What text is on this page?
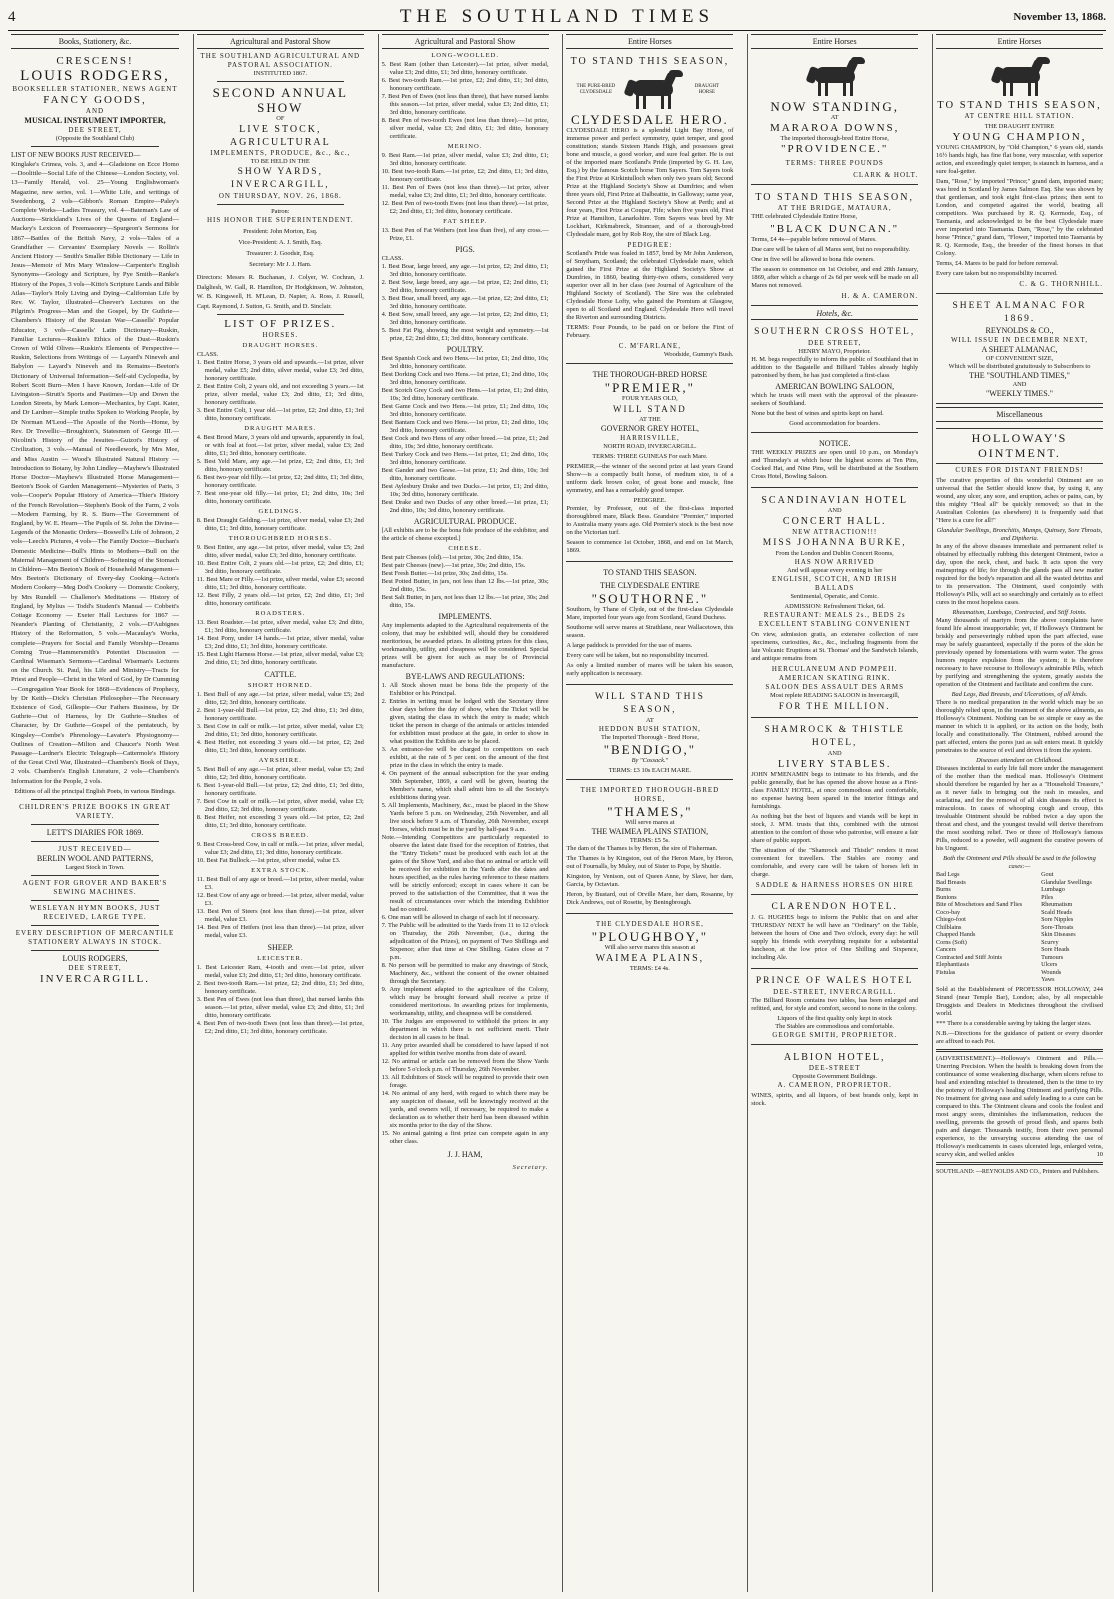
4	THE SOUTHLAND TIMES	November 13, 1868.
Books, Stationery, &c.
CRESCENS!
LOUIS RODGERS,
BOOKSELLER STATIONER, NEWS AGENT
FANCY GOODS,
AND
MUSICAL INSTRUMENT IMPORTER,
DEE STREET,
(Opposite the Southland Club)
LIST OF NEW BOOKS JUST RECEIVED—

Kinglake's Crimea, vols. 3, and 4—Gladstone on Ecce Homo—Doolittle—Social Life of the Chinese—London Society, vol. 13—Family Herald, vol. 25—Young Englishwoman's Magazine, new series, vol. 1—White Life, and writings of Swedenborg, 2 vols—Gibbon's Roman Empire—Paley's Complete Works—Ladies Treasury, vol. 4—Bateman's Law of Auctions—Strickland's Lives of the Queens of England—Mackey's Lexicon of Freemasonry—Spurgeon's Sermons for 1867—Battles of the British Navy, 2 vols—Tales of a Grandfather — Cervantes' Exemplary Novels — Rollin's Ancient History — Smith's Smaller Bible Dictionary — Life in Jesus—Memoir of Mrs Mary Winslow—Carpenter's English Synonyms—Geology and Scripture, by Pye Smith—Ranke's History of the Popes, 3 vols—Kitto's Scripture Lands and Bible Atlas—Taylor's Holy Living and Dying—Californian Life by Rev. W. Taylor, illustrated—Cheever's Lectures on the Pilgrim's Progress—Man and the Gospel, by Dr Guthrie—Chambers's History of the Russian War—Cassells' Popular Educator, 3 vols—Cassells' Latin Dictionary—Ruskin, Familiar Lectures—Ruskin's Ethics of the Dust—Ruskin's Crown of Wild Olives—Ruskin's Elements of Perspective—Ruskin, Selections from Writings of — Layard's Nineveh and Babylon — Layard's Nineveh and its Remains—Beeton's Dictionary of Universal Information—Self-aid Cyclopedia, by Robert Scott Burn—Men I have Known, Jordan—Life of Dr Livingston—Strutt's Sports and Pastimes—Up and Down the London Streets, by Mark Lemon—Mechanics, by Capt. Kater, and Dr Lardner—Simple truths Spoken to Working People, by Dr Norman M'Leod—The Apostle of the North—Home, by Rev. Dr Trevellic—Broughton's, Statesmen of George III.—Nicolini's History of the Jesuites—Guizot's History of Civilization, 3 vols.—Manual of Needlework, by Mrs Mee, and Miss Austin — Wood's Illustrated Natural History — Introduction to Botany, by John Lindley—Mayhew's Illustrated Horse Doctor—Mayhew's Illustrated Horse Management—Beeton's Book of Garden Management—Mysteries of Paris, 3 vols—Cooper's Popular History of America—Thier's History of the French Revolution—Stephen's Book of the Farm, 2 vols—Modern Farming, by R. S. Burn—The Government of England, by W. E. Hearn—The Pupils of St. John the Divine—Legends of the Monastic Orders—Boswell's Life of Johnson, 2 vols—Leech's Pictures, 4 vols—The Family Doctor—Buchan's Domestic Medicine—Bull's Hints to Mothers—Bull on the Maternal Management of Children—Softening of the Stomach in Children—Mrs Beeton's Book of Household Management—Mrs Beeton's Dictionary of Every-day Cooking—Acton's Modern Cookery—Meg Dod's Cookery — Domestic Cookery, by Mrs Rundell — Challenor's Meditations — History of England, by Mylius — Todd's Student's Manual — Cobbett's Cottage Economy — Exeter Hall Lectures for 1867 — Neander's Planting of Christianity, 2 vols.—D'Aubignes History of the Reformation, 5 vols.—Macaulay's Works, complete—Prayers for Social and Family Worship—Dreams Coming True—Hammersmith's Potentiet Discussion — Cardinal Wiseman's Sermons—Cardinal Wiseman's Lectures on the Church. St. Paul, his Life and Ministry—Tracts for Priest and People—Christ in the Word of God, by Dr Cumming—Congregation Year Book for 1868—Evidences of Prophecy, by Dr Keith—Dick's Christian Philosopher—The Necessary Existence of God, Gillespie—Our Fathers Business, by Dr Guthrie—Out of Harness, by Dr Guthrie—Studies of Character, by Dr Guthrie—Gospel of the pentateuch, by Kingsley—Combe's Phrenology—Lavater's Physiognomy—Outlines of Creation—Milton and Chaucer's North West Passage—Lardner's Electric Telegraph—Cattermole's History of the Great Civil War, Illustrated—Chambers's Book of Days, 2 vols. Chambers's English Literature, 2 vols—Chambers's Information for the People, 2 vols.

Editions of all the principal English Poets, in various Bindings.
CHILDREN'S PRIZE BOOKS IN GREAT VARIETY.
LETT'S DIARIES FOR 1869.
JUST RECEIVED—
BERLIN WOOL AND PATTERNS,
Largest Stock in Town.
AGENT FOR GROVER AND BAKER'S SEWING MACHINES.
WESLEYAN HYMN BOOKS, JUST RECEIVED, LARGE TYPE.
EVERY DESCRIPTION OF MERCANTILE STATIONERY ALWAYS IN STOCK.
LOUIS RODGERS,
DEE STREET,
INVERCARGILL.
Agricultural and Pastoral Show
THE SOUTHLAND AGRICULTURAL AND PASTORAL ASSOCIATION.
INSTITUTED 1867.
SECOND ANNUAL SHOW
OF
LIVE STOCK, AGRICULTURAL
IMPLEMENTS, PRODUCE, &c., &c.,
TO BE HELD IN THE
SHOW YARDS, INVERCARGILL,
ON THURSDAY, NOV. 26, 1868.
Patron:
HIS HONOR THE SUPERINTENDENT.
President: John Morton, Esq.
Vice-President: A. J. Smith, Esq.
Treasurer: J. Goodsir, Esq.
Secretary: Mr J. J. Ham.

Directors: Messrs R. Buchanan, J. Colyer, W. Cochran, J. Dalgliesh, W. Gall, R. Hamilton, Dr Hodgkinson, W. Johnston, W. B. Kingswell, H. M'Lean, D. Napier, A. Ross, J. Russell, Capt. Raymond, J. Sutton, G. Smith, and D. Sinclair.

LIST OF PRIZES.
HORSES.
DRAUGHT HORSES.
CLASS.
1. Best Entire Horse, 3 years old and upwards.—1st prize, silver medal, value £5; 2nd ditto, silver medal, value £3; 3rd ditto, honorary certificate.
2. Best Entire Colt, 2 years old, and not exceeding 3 years.—1st prize, silver medal, value £3; 2nd ditto, £1; 3rd ditto, honorary certificate.
3. Best Entire Colt, 1 year old.—1st prize, £2; 2nd ditto, £1; 3rd ditto, honorary certificate.
DRAUGHT MARES.
4. Best Brood Mare, 3 years old and upwards, apparently in foal, or with foal at foot.—1st prize, silver medal, value £3; 2nd ditto, £1; 3rd ditto, honorary certificate.
5. Best Yeld Mare, any age.—1st prize, £2; 2nd ditto, £1; 3rd ditto, honorary certificate.
6. Best two-year old filly.—1st prize, £2; 2nd ditto, £1; 3rd ditto, honorary certificate.
7. Best one-year old filly.—1st prize, £1; 2nd ditto, 10s; 3rd ditto, honorary certificate.
GELDINGS.
8. Best Draught Gelding.—1st prize, silver medal, value £3; 2nd ditto, £1; 3rd ditto, honorary certificate.
THOROUGHBRED HORSES.
9. Best Entire, any age.—1st prize, silver medal, value £5; 2nd ditto, silver medal, value £3; 3rd ditto, honorary certificate.
10. Best Entire Colt, 2 years old.—1st prize, £2; 2nd ditto, £1; 3rd ditto, honorary certificate.
11. Best Mare or Filly.—1st prize, silver medal, value £3; second ditto, £1; 3rd ditto, honorary certificate.
12. Best Filly, 2 years old.—1st prize, £2; 2nd ditto, £1; 3rd ditto, honorary certificate.
ROADSTERS.
13. Best Roadster.—1st prize, silver medal, value £3; 2nd ditto, £1; 3rd ditto, honorary certificate.
14. Best Pony, under 14 hands.—1st prize, silver medal, value £3; 2nd ditto, £1; 3rd ditto, honorary certificate.
15. Best Light Harness Horse.—1st prize, silver medal, value £3; 2nd ditto, £1; 3rd ditto, honorary certificate.
CATTLE.
SHORT HORNED.
1. Best Bull of any age.—1st prize, silver medal, value £5; 2nd ditto, £2; 3rd ditto, honorary certificate.
2. Best 1-year-old Bull.—1st prize, £2; 2nd ditto, £1; 3rd ditto, honorary certificate.
3. Best Cow in calf or milk.—1st prize, silver medal, value £3; 2nd ditto, £1; 3rd ditto, honorary certificate.
4. Best Heifer, not exceeding 3 years old.—1st prize, £2; 2nd ditto, £1; 3rd ditto, honorary certificate.
AYRSHIRE.
5. Best Bull of any age.—1st prize, silver medal, value £5; 2nd ditto, £2; 3rd ditto, honorary certificate.
6. Best 1-year-old Bull.—1st prize, £2; 2nd ditto, £1; 3rd ditto, honorary certificate.
7. Best Cow in calf or milk.—1st prize, silver medal, value £3; 2nd ditto, £2; 3rd ditto, honorary certificate.
8. Best Heifer, not exceeding 3 years old.—1st prize, £2; 2nd ditto, £1; 3rd ditto, honorary certificate.
CROSS BREED.
9. Best Cross-bred Cow, in calf or milk.—1st prize, silver medal, value £3; 2nd ditto, £1; 3rd ditto, honorary certificate.
10. Best Fat Bullock.—1st prize, silver medal, value £3.
EXTRA STOCK.
11. Best Bull of any age or breed.—1st prize, silver medal, value £3.
12. Best Cow of any age or breed.—1st prize, silver medal, value £3.
13. Best Pen of Steers (not less than three).—1st prize, silver medal, value £3.
14. Best Pen of Heifers (not less than three).—1st prize, silver medal, value £3.
SHEEP.
LEICESTER.
1. Best Leicester Ram, 4-tooth and over.—1st prize, silver medal, value £3; 2nd ditto, £1; 3rd ditto, honorary certificate.
2. Best two-tooth Ram.—1st prize, £2; 2nd ditto, £1; 3rd ditto, honorary certificate.
3. Best Pen of Ewes (not less than three), that nursed lambs this season.—1st prize, silver medal, value £3; 2nd ditto, £1; 3rd ditto, honorary certificate.
4. Best Pen of two-tooth Ewes (not less than three).—1st prize, £2; 2nd ditto, £1; 3rd ditto, honorary certificate.
Agricultural and Pastoral Show
LONG-WOOLLED.
5. Best Ram (other than Leicester).—1st prize, silver medal, value £3; 2nd ditto, £1; 3rd ditto, honorary certificate.
6. Best two-tooth Ram.—1st prize, £2; 2nd ditto, £1; 3rd ditto, honorary certificate.
7. Best Pen of Ewes (not less than three), that have nursed lambs this season.—1st prize, silver medal, value £3; 2nd ditto, £1; 3rd ditto, honorary certificate.
8. Best Pen of two-tooth Ewes (not less than three).—1st prize, silver medal, value £3; 2nd ditto, £1; 3rd ditto, honorary certificate.
MERINO.
9. Best Ram.—1st prize, silver medal, value £3; 2nd ditto, £1; 3rd ditto, honorary certificate.
10. Best two-tooth Ram.—1st prize, £2; 2nd ditto, £1; 3rd ditto, honorary certificate.
11. Best Pen of Ewes (not less than three).—1st prize, silver medal, value £3; 2nd ditto, £1; 3rd ditto, honorary certificate.
12. Best Pen of two-tooth Ewes (not less than three).—1st prize, £2; 2nd ditto, £1; 3rd ditto, honorary certificate.
FAT SHEEP.
13. Best Pen of Fat Wethers (not less than five), of any cross.—Prize, £1.
PIGS.
CLASS.
1. Best Boar, large breed, any age.—1st prize, £2; 2nd ditto, £1; 3rd ditto, honorary certificate.
2. Best Sow, large breed, any age.—1st prize, £2; 2nd ditto, £1; 3rd ditto, honorary certificate.
3. Best Boar, small breed, any age.—1st prize, £2; 2nd ditto, £1; 3rd ditto, honorary certificate.
4. Best Sow, small breed, any age.—1st prize, £2; 2nd ditto, £1; 3rd ditto, honorary certificate.
5. Best Fat Pig, showing the most weight and symmetry.—1st prize, £2; 2nd ditto, £1; 3rd ditto, honorary certificate.
POULTRY.
Best Spanish Cock and two Hens.—1st prize, £1; 2nd ditto, 10s; 3rd ditto, honorary certificate.
Best Dorking Cock and two Hens.—1st prize, £1; 2nd ditto, 10s; 3rd ditto, honorary certificate.
Best Scotch Grey Cock and two Hens.—1st prize, £1; 2nd ditto, 10s; 3rd ditto, honorary certificate.
Best Game Cock and two Hens.—1st prize, £1; 2nd ditto, 10s; 3rd ditto, honorary certificate.
Best Bantam Cock and two Hens.—1st prize, £1; 2nd ditto, 10s; 3rd ditto, honorary certificate.
Best Cock and two Hens of any other breed.—1st prize, £1; 2nd ditto, 10s; 3rd ditto, honorary certificate.
Best Turkey Cock and two Hens.—1st prize, £1; 2nd ditto, 10s; 3rd ditto, honorary certificate.
Best Gander and two Geese.—1st prize, £1; 2nd ditto, 10s; 3rd ditto, honorary certificate.
Best Aylesbury Drake and two Ducks.—1st prize, £1; 2nd ditto, 10s; 3rd ditto, honorary certificate.
Best Drake and two Ducks of any other breed.—1st prize, £1; 2nd ditto, 10s; 3rd ditto, honorary certificate.
AGRICULTURAL PRODUCE.

[All exhibits are to be the bona fide produce of the exhibitor, and the article of cheese excepted.]

CHEESE.
Best pair Cheeses (old).—1st prize, 30s; 2nd ditto, 15s.
Best pair Cheeses (new).—1st prize, 30s; 2nd ditto, 15s.
Best Fresh Butter.—1st prize, 30s; 2nd ditto, 15s.
Best Potted Butter, in jars, not less than 12 lbs.—1st prize, 30s; 2nd ditto, 15s.
Best Salt Butter, in jars, not less than 12 lbs.—1st prize, 30s; 2nd ditto, 15s.
IMPLEMENTS.

Any implements adapted to the Agricultural requirements of the colony, that may be exhibited will, should they be considered meritorious, be awarded prizes. In allotting prizes for this class, workmanship, utility, and cheapness will be considered. Special prizes will be given for such as may be of Provincial manufacture.

BYE-LAWS AND REGULATIONS:
1. All Stock shown must be bona fide the property of the Exhibitor or his Principal.
2. Entries in writing must be lodged with the Secretary three clear days before the day of show, when the Ticket will be given, stating the class in which the entry is made; which ticket the person in charge of the animals or articles intended for exhibition must produce at the gate, in order to show in what position the Exhibits are to be placed.
3. An entrance-fee will be charged to competitors on each exhibit, at the rate of 5 per cent. on the amount of the first prize in the class in which the entry is made.
4. On payment of the annual subscription for the year ending 30th September, 1869, a card will be given, bearing the Member's name, which shall admit him to all the Society's exhibitions during year.
5. All Implements, Machinery, &c., must be placed in the Show Yards before 5 p.m. on Wednesday, 25th November, and all live stock before 9 a.m. of Thursday, 26th November, except Horses, which must be in the yard by half-past 9 a.m.
Note.—Intending Competitors are particularly requested to observe the latest date fixed for the reception of Entries, that the "Entry Tickets" must be produced with each lot at the gates of the Show Yard, and also that no animal or article will be received for exhibition in the Yards after the dates and hours specified, as the rules having reference to these matters will be strictly enforced; except in cases where it can be proved to the satisfaction of the Committee, that it was the result of circumstances over which the intending Exhibitor had no control.
6. One man will be allowed in charge of each lot if necessary.
7. The Public will be admitted to the Yards from 11 to 12 o'clock on Thursday, the 26th November, (i.e., during the adjudication of the Prizes), on payment of Two Shillings and Sixpence; after that time at One Shilling. Gates close at 7 p.m.
8. No person will be permitted to make any drawings of Stock, Machinery, &c., without the consent of the owner obtained through the Secretary.
9. Any implement adapted to the agriculture of the Colony, which may be brought forward shall receive a prize if considered meritorious. In awarding prizes for implements, workmanship, utility, and cheapness will be considered.
10. The Judges are empowered to withhold the prizes in any department in which there is not sufficient merit. Their decision in all cases to be final.
11. Any prize awarded shall be considered to have lapsed if not applied for within twelve months from date of award.
12. No animal or article can be removed from the Show Yards before 5 o'clock p.m. of Thursday, 26th November.
13. All Exhibitors of Stock will be required to provide their own forage.
14. No animal of any herd, with regard to which there may be any suspicion of disease, will be knowingly received at the yards, and owners will, if necessary, be required to make a declaration as to whether their herd has been diseased within six months prior to the day of the Show.
15. No animal gaining a first prize can compete again in any other class.
J. J. HAM,
Secretary.
Entire Horses
TO STAND THIS SEASON,
THE PURE-BRED CLYDESDALE
DRAUGHT HORSE
CLYDESDALE HERO.

CLYDESDALE HERO is a splendid Light Bay Horse, of immense power and perfect symmetry, quiet temper, and good constitution; stands Sixteen Hands High, and possesses great bone and muscle, a good worker, and sure foal getter. He is out of the imported mare Scotland's Pride (imported by G. H. Lee, Esq.) by the famous Scotch horse Tom Sayers. Tom Sayers took the First Prize at Kirkintulloch when only two years old; Second Prize at the Highland Society's Show at Dumfries; and when three years old, First Prize at Dalbeattie, in Galloway; same year, Second Prize at the Highland Society's Show at Perth; and at four years, First Prize at Coupar, Fife; when five years old, First Prize at Hamilton, Lanarkshire. Tom Sayers was bred by Mr Lockhart, Kirkmabreck, Stranraer, and of a thorough-bred Clydesdale mare, got by Rob Roy, the sire of Black Leg.

PEDIGREE:

Scotland's Pride was foaled in 1857, bred by Mr John Anderson, of Smytham, Scotland; the celebrated Clydesdale mare, which gained the First Prize at the Highland Society's Show at Dumfries, in 1860, beating thirty-two others, considered very superior over all in her class (see Journal of Agriculture of the Highland Society of Scotland). The Sire was the celebrated Clydesdale Horse Lofty, who gained the Premium at Glasgow, open to all Scotland and England. Clydesdale Hero will travel the Riverton and surrounding Districts.

TERMS: Four Pounds, to be paid on or before the First of February.

C. M'FARLANE,
Woodside, Gummy's Bush.
THE THOROUGH-BRED HORSE
"PREMIER,"
FOUR YEARS OLD,
WILL STAND
AT THE
GOVERNOR GREY HOTEL,
HARRISVILLE,
NORTH ROAD, INVERCARGILL.
TERMS: THREE GUINEAS For each Mare.

PREMIER,—the winner of the second prize at last years Grand Show—is a compactly built horse, of medium size, is of a uniform dark brown color, of great bone and muscle, fine symmetry, and has a remarkably good temper.

PEDIGREE.

Premier, by Professor, out of the first-class imported thoroughbred mare, Black Bess. Grandsire "Premier," imported to Australia many years ago. Old Premier's stock is the best now on the Victorian turf.

Season to commence 1st October, 1868, and end on 1st March, 1869.

TO STAND THIS SEASON.
THE CLYDESDALE ENTIRE
"SOUTHORNE."

Southorn, by Thane of Clyde, out of the first-class Clydesdale Mare, imported four years ago from Scotland, Grand Duchess.

Southorne will serve mares at Strathlane, near Wallacetown, this season.

A large paddock is provided for the use of mares.

Every care will be taken, but no responsibility incurred.

As only a limited number of mares will be taken his season, early application is necessary.

WILL STAND THIS SEASON,
AT
HEDDON BUSH STATION,
The Imported Thorough - Bred Horse,
"BENDIGO,"
By "Cossack."
TERMS: £3 10s EACH MARE.
THE IMPORTED THOROUGH-BRED HORSE,
"THAMES,"
Will serve mares at
THE WAIMEA PLAINS STATION,
TERMS: £5 5s.

The dam of the Thames is by Heron, the sire of Fisherman.

The Thames is by Kingston, out of the Heron Mare, by Heron, out of Fournalls, by Muley, out of Sister to Pope, by Shuttle.

Kingston, by Venison, out of Queen Anne, by Slave, her dam, Garcia, by Octavian.

Heron, by Bustard, out of Orville Mare, her dam, Rosanne, by Dick Andrews, out of Rosette, by Beningbrough.

THE CLYDESDALE HORSE,
"PLOUGHBOY,"
Will also serve mares this season at
WAIMEA PLAINS,
TERMS: £4 4s.
Entire Horses
NOW STANDING,
AT
MARAROA DOWNS,
The imported thorough-bred Entire Horse,
"PROVIDENCE."
TERMS: THREE POUNDS
CLARK & HOLT.
TO STAND THIS SEASON,
AT THE BRIDGE, MATAURA,

THE celebrated Clydesdale Entire Horse,

"BLACK DUNCAN."

Terms, £4 4s—payable before removal of Mares.

Due care will be taken of all Mares sent, but no responsibility.

One in five will be allowed to bona fide owners.

The season to commence on 1st October, and end 28th January, 1869, after which a charge of 2s 6d per week will be made on all Mares not removed.

H. & A. CAMERON.
Hotels, &c.
SOUTHERN CROSS HOTEL,
DEE STREET,
HENRY MAYO, Proprietor.

H. M. begs respectfully to inform the public of Southland that in addition to the Bagatelle and Billiard Tables already highly patronised by them, he has just completed a first-class

AMERICAN BOWLING SALOON,

which he trusts will meet with the approval of the pleasure-seekers of Southland.

None but the best of wines and spirits kept on hand.

Good accommodation for boarders.
NOTICE.

THE WEEKLY PRIZES are open until 10 p.m., on Monday's and Thursday's at which hour the highest scores at Ten Pins, Cocked Hat, and Nine Pins, will be distributed at the Southern Cross Hotel, Bowling Saloon.

SCANDINAVIAN HOTEL
AND
CONCERT HALL.
NEW ATTRACTION!!!
MISS JOHANNA BURKE,
From the London and Dublin Concert Rooms,
HAS NOW ARRIVED
And will appear every evening in her
ENGLISH, SCOTCH, AND IRISH BALLADS
Sentimental, Operatic, and Comic.
ADMISSION: Refreshment Ticket, 6d.
RESTAURANT: MEALS 2s., BEDS 2s
EXCELLENT STABLING CONVENIENT

On view, admission gratis, an extensive collection of rare specimens, curiosities, &c., &c., including fragments from the late Volcanic Eruptions at St. Thomas' and the Sandwich Islands, and antique remains from

HERCULANEUM AND POMPEII.
AMERICAN SKATING RINK.
SALOON DES ASSAULT DES ARMS
Most replete READING SALOON in Invercargill,
FOR THE MILLION.
SHAMROCK & THISTLE HOTEL,
AND
LIVERY STABLES.

JOHN M'MENAMIN begs to intimate to his friends, and the public generally, that he has opened the above house as a First-class FAMILY HOTEL, at once commodious and comfortable, no expense having been spared in the interior fittings and furnishings.

As nothing but the best of liquors and viands will be kept in stock, J. M'M. trusts that this, combined with the utmost attention to the comfort of those who patronise, will ensure a fair share of public support.

The situation of the "Shamrock and Thistle" renders it most convenient for travellers. The Stables are roomy and comfortable, and every care will be taken of horses left in charge.

SADDLE & HARNESS HORSES ON HIRE
CLARENDON HOTEL.

J. G. HUGHES begs to inform the Public that on and after THURSDAY NEXT he will have an "Ordinary" on the Table, between the hours of One and Two o'clock, every day: he will supply his friends with everything requisite for a substantial luncheon, at the low price of One Shilling and Sixpence, including Ale.

PRINCE OF WALES HOTEL
DEE-STREET, INVERCARGILL.

The Billiard Room contains two tables, has been enlarged and refitted, and, for style and comfort, second to none in the colony.

Liquors of the first quality only kept in stock
The Stables are commodious and comfortable.
GEORGE SMITH, PROPRIETOR.
ALBION HOTEL,
DEE-STREET
Opposite Government Buildings.
A. CAMERON, PROPRIETOR.

WINES, spirits, and all liquors, of best brands only, kept in stock.

Entire Horses
TO STAND THIS SEASON,
AT CENTRE HILL STATION.
THE DRAUGHT ENTIRE
YOUNG CHAMPION,

YOUNG CHAMPION, by "Old Champion," 6 years old, stands 16½ hands high, has fine flat bone, very muscular, with superior action, and exceedingly quiet temper, is staunch in harness, and a sure foal-getter.

Dam, "Rose," by imported "Prince;" grand dam, imported mare; was bred in Scotland by James Salmon Esq. She was shown by that gentleman, and took eight first-class prizes; then sent to London, and competed against the world, beating all competitors. Was purchased by R. Q. Kermode, Esq., of Tasmania, and acknowledged to be the best Clydesdale mare ever imported into Tasmania. Dam, "Rose," by the celebrated horse "Prince," grand dam, "Flower," imported into Tasmania by R. Q. Kermode, Esq., the breeder of the finest horses in that Colony.

Terms, £4. Mares to be paid for before removal.

Every care taken but no responsibility incurred.

C. & G. THORNHILL.
SHEET ALMANAC FOR 1869.
REYNOLDS & CO.,
WILL ISSUE IN DECEMBER NEXT,
A SHEET ALMANAC,
OF CONVENIENT SIZE,
Which will be distributed gratuitously to Subscribers to
THE "SOUTHLAND TIMES,"
AND
"WEEKLY TIMES."
Miscellaneous
HOLLOWAY'S OINTMENT.
CURES FOR DISTANT FRIENDS!

The curative properties of this wonderful Ointment are so universal that the Settler should know that, by using it, any wound, any ulcer, any sore, and eruption, aches or pains, can, by this mighty "Heal all" be quickly removed; so that in the Australian Colonies (as elsewhere) it is frequently said that "Here is a cure for all!"

Glandular Swellings, Bronchitis, Mumps, Quinsey, Sore Throats, and Diptheria.

In any of the above diseases immediate and permanent relief is obtained by effectually rubbing this detergent Ointment, twice a day, upon the neck, chest, and back. It acts upon the very mainsprings of life; for through the glands pass all new matter required for the body's reparation and all the wasted detritus and to its preservation. The Ointment, used conjointly with Holloway's Pills, will act so searchingly and certainly as to effect cures in the most hopeless cases.

Rheumatism, Lumbago, Contracted, and Stiff Joints.

Many thousands of martyrs from the above complaints have found life almost insupportable; yet, if Holloway's Ointment be briskly and perseveringly rubbed upon the part affected, ease may be safely guaranteed, especially if the pores of the skin be previously opened by fomentations with warm water. The gross humors require expulsion from the system; it is therefore necessary to have recourse to Holloway's admirable Pills, which by purifying and strengthening the system, greatly assists the operation of the Ointment and facilitate and confirm the cure.

Bad Legs, Bad Breasts, and Ulcerations, of all kinds.

There is no medical preparation in the world which may be so thoroughly relied upon, in the treatment of the above ailments, as Holloway's Ointment. Nothing can be so simple or easy as the manner in which it is applied, or its action on the body, both locally and constitutionally. The Ointment, rubbed around the part affected, enters the pores just as salt enters meat. It quickly penetrates to the source of evil and drives it from the system.

Diseases attendant on Childhood.

Diseases incidental to early life fall more under the management of the mother than the medical man. Holloway's Ointment should therefore be regarded by her as a "Household Treasure," as it never fails in bringing out the rash in measles, and scarlatina, and for the removal of all skin diseases its effect is miraculous. In cases of whooping cough and croup, this invaluable Ointment should be rubbed twice a day upon the throat and chest, and the youngest invalid will derive therefrom the most soothing relief. Two or three of Holloway's famous Pills, reduced to a powder, will augment the curative powers of his Unguent.

Both the Ointment and Pills should be used in the following cases:—
Bad Legs
Bad Breasts
Burns
Bunions
Bite of Moschetoes and Sand Flies
Coco-bay
Chiego-foot
Chilblains
Chapped Hands
Corns (Soft)
Cancers
Contracted and Stiff Joints
Elephantiasis
Fistulas

Gout
Glandular Swellings
Lumbago
Piles
Rheumatism
Scald Heads
Sore Nipples
Sore-Throats
Skin Diseases
Scurvy
Sore Heads
Tumours
Ulcers
Wounds
Yaws

Sold at the Establishment of PROFESSOR HOLLOWAY, 244 Strand (near Temple Bar), London; also, by all respectable Druggists and Dealers in Medicines throughout the civilised world.

*** There is a considerable saving by taking the larger sizes.

N.B.—Directions for the guidance of patient or every disorder are affixed to each Pot.

(ADVERTISEMENT.)—Holloway's Ointment and Pills.—Unerring Precision. When the health is breaking down from the continuance of some weakening discharge, when ulcers refuse to heal and extending mischief is threatened, then is the time to try the potency of Holloway's healing Ointment and purifying Pills. No treatment for giving ease and safely leading to a cure can be compared to this. The Ointment cleans and cools the foulest and most angry sores, diminishes the inflammation, reduces the swelling, prevents the growth of proud flesh, and spares both pain and danger. Thousands testify, from their own personal experience, to the unvarying success attending the use of Holloway's medicaments in cases ulcerated legs, enlarged veins, scurvy skin, and welled ankles	10

SOUTHLAND: —REYNOLDS AND CO., Printers and Publishers.
